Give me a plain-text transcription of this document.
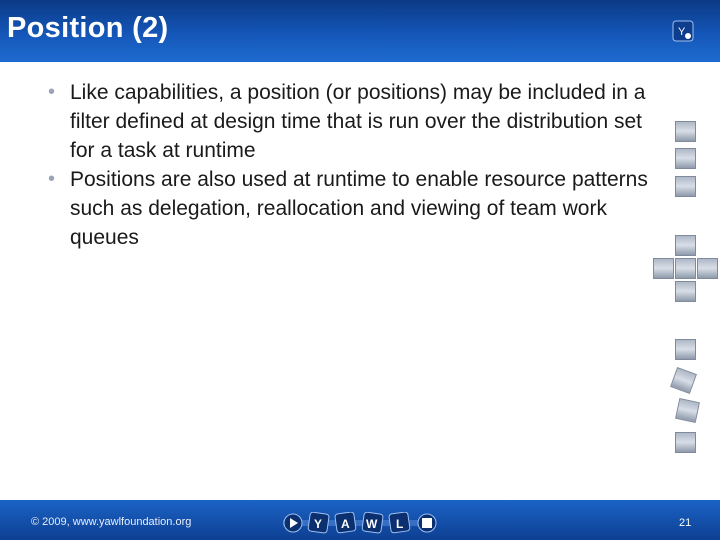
Position (2)	Y
• Like capabilities, a position (or positions) may be included in a filter defined at design time that is run over the distribution set for a task at runtime
• Positions are also used at runtime to enable resource patterns such as delegation, reallocation and viewing of team work queues
© 2009, www.yawlfoundation.org	Y A W L	21
